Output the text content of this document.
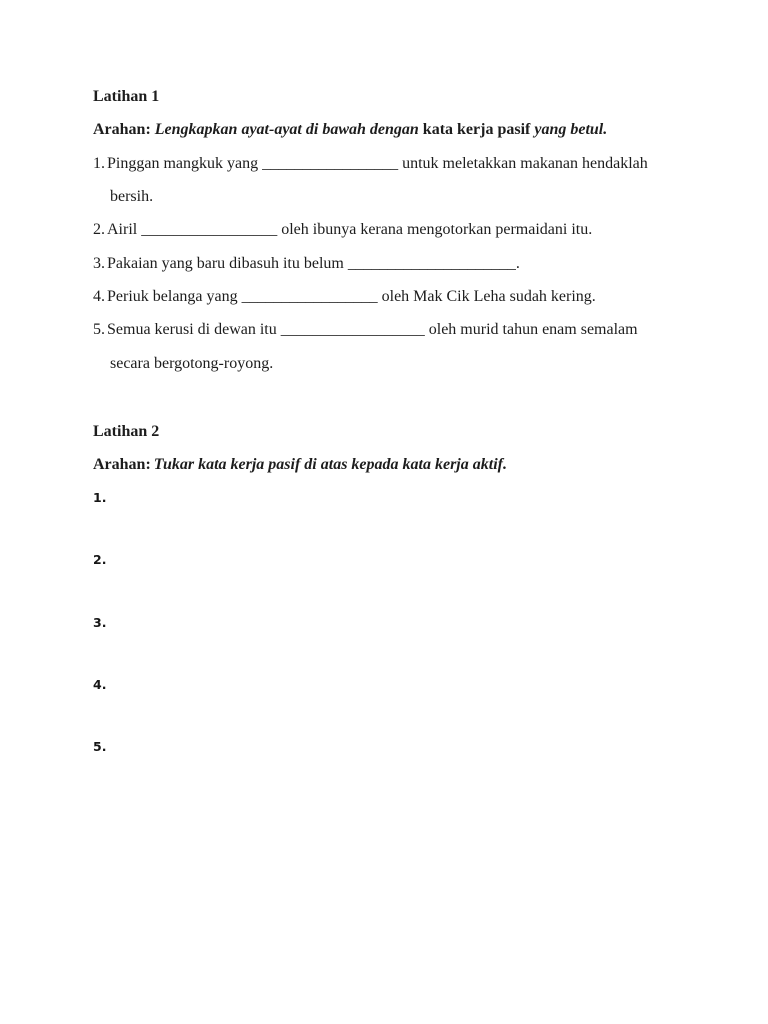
Latihan 1
Arahan: Lengkapkan ayat-ayat di bawah dengan kata kerja pasif yang betul.
1. Pinggan mangkuk yang _________________ untuk meletakkan makanan hendaklah
bersih.
2. Airil _________________ oleh ibunya kerana mengotorkan permaidani itu.
3. Pakaian yang baru dibasuh itu belum _____________________.
4. Periuk belanga yang _________________ oleh Mak Cik Leha sudah kering.
5. Semua kerusi di dewan itu __________________ oleh murid tahun enam semalam
secara bergotong-royong.
Latihan 2
Arahan: Tukar kata kerja pasif di atas kepada kata kerja aktif.
1.
2.
3.
4.
5.
